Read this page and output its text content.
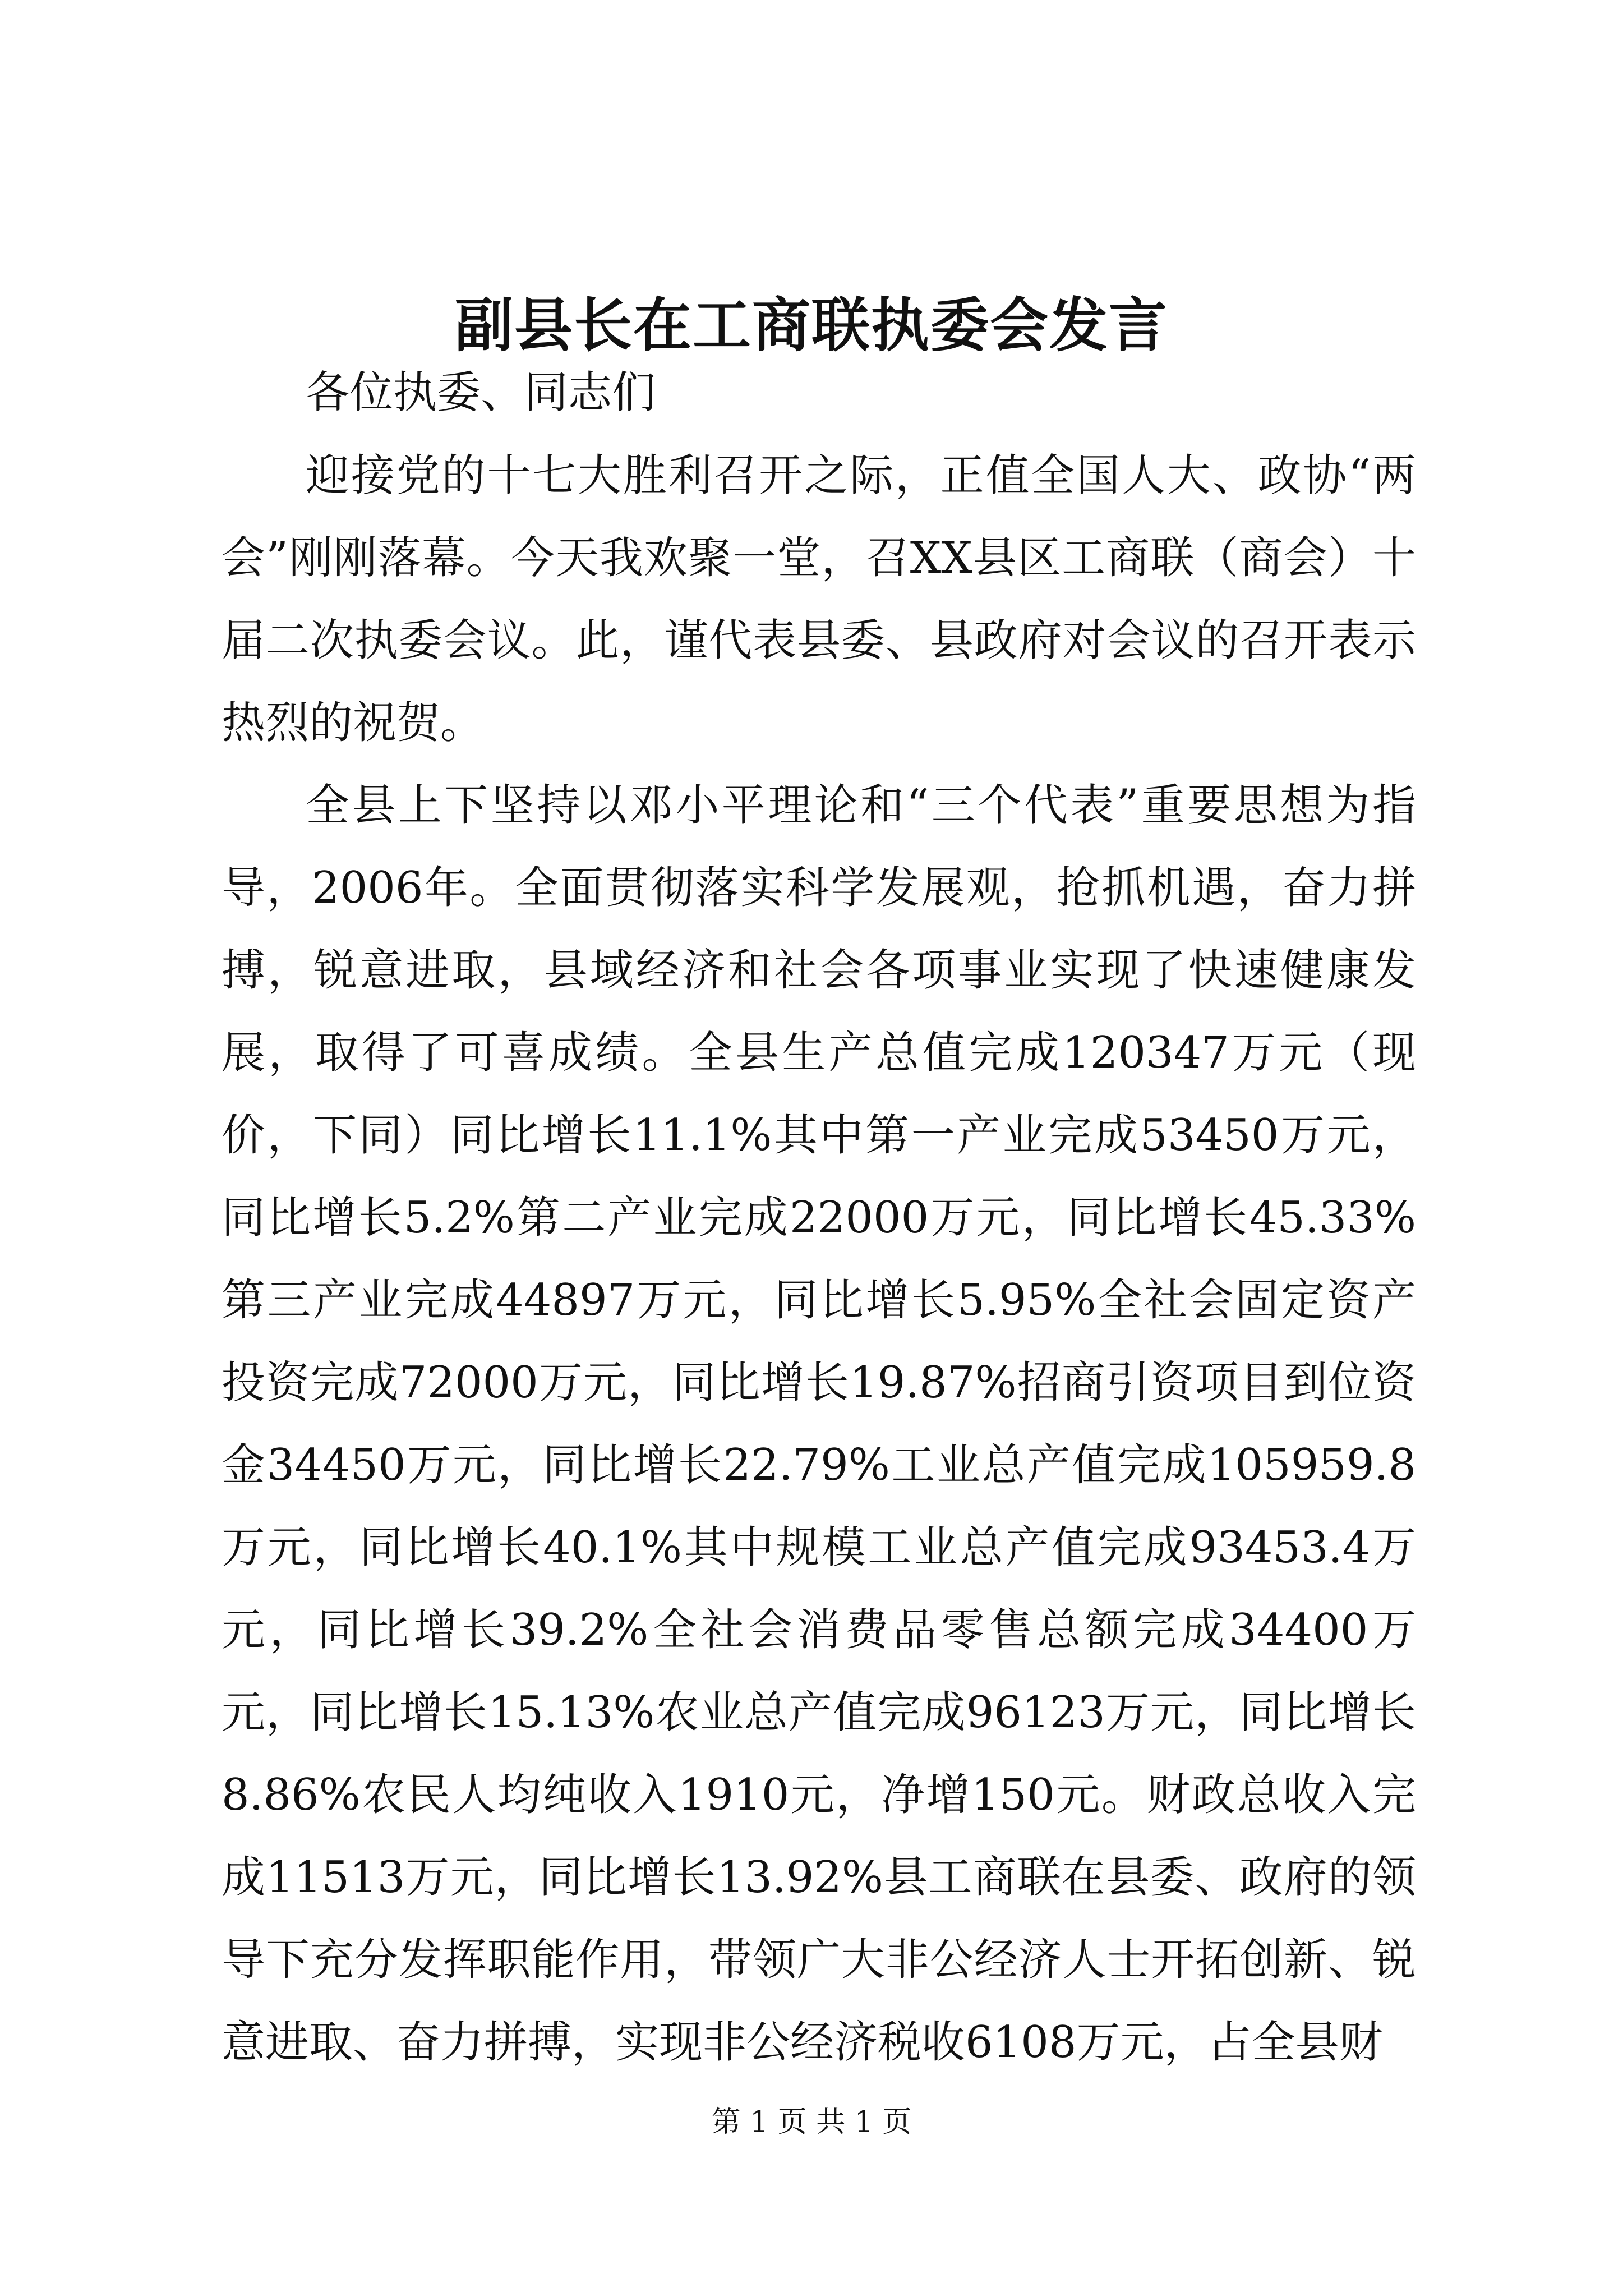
副县长在工商联执委会发言

各位执委、同志们

迎接党的十七大胜利召开之际，正值全国人大、政协“两会”刚刚落幕。今天我欢聚一堂，召XX县区工商联（商会）十届二次执委会议。此，谨代表县委、县政府对会议的召开表示热烈的祝贺。

全县上下坚持以邓小平理论和“三个代表”重要思想为指导，2006年。全面贯彻落实科学发展观，抢抓机遇，奋力拼搏，锐意进取，县域经济和社会各项事业实现了快速健康发展，取得了可喜成绩。全县生产总值完成120347万元（现价，下同）同比增长11.1%其中第一产业完成53450万元，同比增长5.2%第二产业完成22000万元，同比增长45.33%第三产业完成44897万元，同比增长5.95%全社会固定资产投资完成72000万元，同比增长19.87%招商引资项目到位资金34450万元，同比增长22.79%工业总产值完成105959.8万元，同比增长40.1%其中规模工业总产值完成93453.4万元，同比增长39.2%全社会消费品零售总额完成34400万元，同比增长15.13%农业总产值完成96123万元，同比增长8.86%农民人均纯收入1910元，净增150元。财政总收入完成11513万元，同比增长13.92%县工商联在县委、政府的领导下充分发挥职能作用，带领广大非公经济人士开拓创新、锐意进取、奋力拼搏，实现非公经济税收6108万元，占全县财

第 1 页 共 1 页
